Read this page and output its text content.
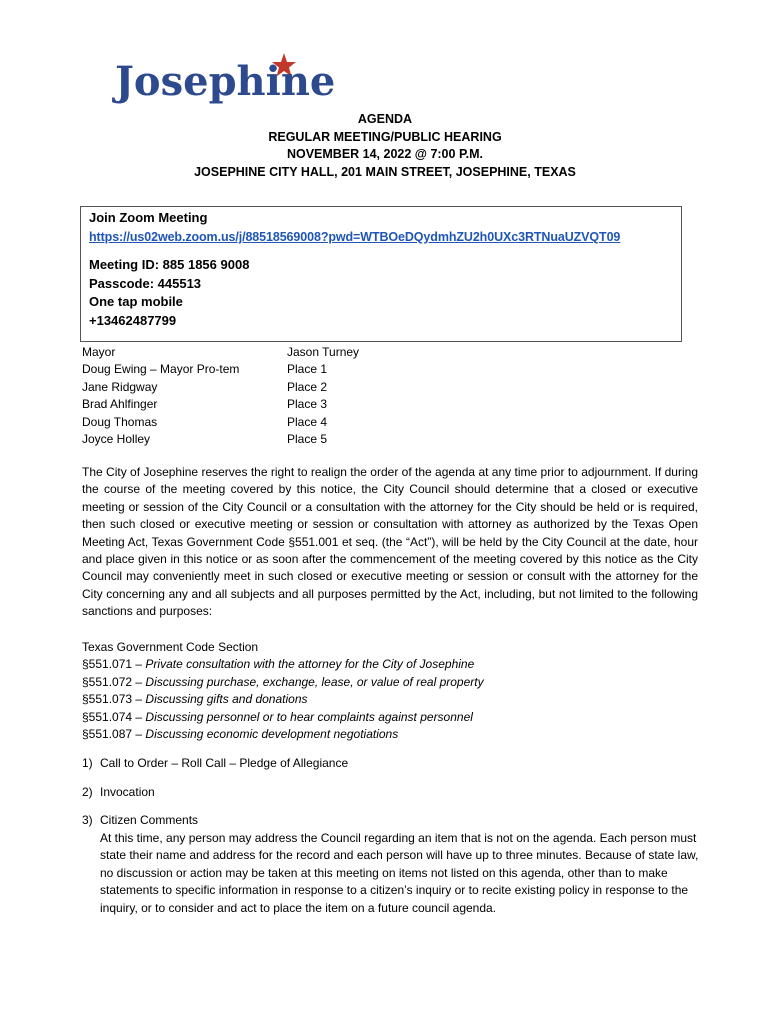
Josephine
AGENDA
REGULAR MEETING/PUBLIC HEARING
NOVEMBER 14, 2022 @ 7:00 P.M.
JOSEPHINE CITY HALL, 201 MAIN STREET, JOSEPHINE, TEXAS
Join Zoom Meeting
https://us02web.zoom.us/j/88518569008?pwd=WTBOeDQydmhZU2h0UXc3RTNuaUZVQT09
Meeting ID: 885 1856 9008
Passcode: 445513
One tap mobile
+13462487799
Mayor	Jason Turney
Doug Ewing – Mayor Pro-tem	Place 1
Jane Ridgway	Place 2
Brad Ahlfinger	Place 3
Doug Thomas	Place 4
Joyce Holley	Place 5
The City of Josephine reserves the right to realign the order of the agenda at any time prior to adjournment. If during the course of the meeting covered by this notice, the City Council should determine that a closed or executive meeting or session of the City Council or a consultation with the attorney for the City should be held or is required, then such closed or executive meeting or session or consultation with attorney as authorized by the Texas Open Meeting Act, Texas Government Code §551.001 et seq. (the “Act”), will be held by the City Council at the date, hour and place given in this notice or as soon after the commencement of the meeting covered by this notice as the City Council may conveniently meet in such closed or executive meeting or session or consult with the attorney for the City concerning any and all subjects and all purposes permitted by the Act, including, but not limited to the following sanctions and purposes:
Texas Government Code Section
§551.071 – Private consultation with the attorney for the City of Josephine
§551.072 – Discussing purchase, exchange, lease, or value of real property
§551.073 – Discussing gifts and donations
§551.074 – Discussing personnel or to hear complaints against personnel
§551.087 – Discussing economic development negotiations
1) Call to Order – Roll Call – Pledge of Allegiance
2) Invocation
3) Citizen Comments
At this time, any person may address the Council regarding an item that is not on the agenda. Each person must state their name and address for the record and each person will have up to three minutes. Because of state law, no discussion or action may be taken at this meeting on items not listed on this agenda, other than to make statements to specific information in response to a citizen’s inquiry or to recite existing policy in response to the inquiry, or to consider and act to place the item on a future council agenda.
